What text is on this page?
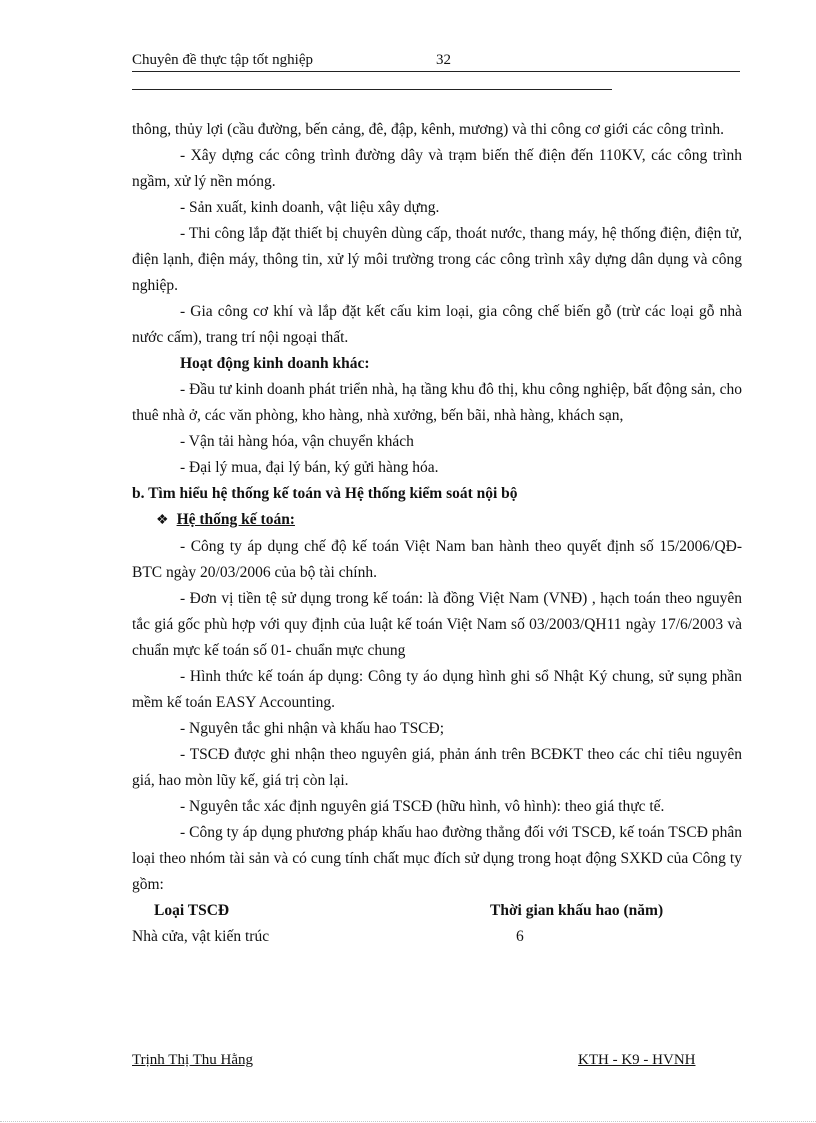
Chuyên đề thực tập tốt nghiệp	32

thông, thủy lợi (cầu đường, bến cảng, đê, đập, kênh, mương) và thi công cơ giới các công trình.

- Xây dựng các công trình đường dây và trạm biến thế điện đến 110KV, các công trình ngầm, xử lý nền móng.

- Sản xuất, kinh doanh, vật liệu xây dựng.

- Thi công lắp đặt thiết bị chuyên dùng cấp, thoát nước, thang máy, hệ thống điện, điện tử, điện lạnh, điện máy, thông tin, xử lý môi trường trong các công trình xây dựng dân dụng và công nghiệp.

- Gia công cơ khí và lắp đặt kết cấu kim loại, gia công chế biến gỗ (trừ các loại gỗ nhà nước cấm), trang trí nội ngoại thất.

Hoạt động kinh doanh khác:

- Đầu tư kinh doanh phát triển nhà, hạ tầng khu đô thị, khu công nghiệp, bất động sản, cho thuê nhà ở, các văn phòng, kho hàng, nhà xưởng, bến bãi, nhà hàng, khách sạn,

- Vận tải hàng hóa, vận chuyển khách

- Đại lý mua, đại lý bán, ký gửi hàng hóa.

b. Tìm hiểu hệ thống kế toán và Hệ thống kiểm soát nội bộ

❖ Hệ thống kế toán:

- Công ty áp dụng chế độ kế toán Việt Nam ban hành theo quyết định số 15/2006/QĐ-BTC ngày 20/03/2006 của bộ tài chính.

- Đơn vị tiền tệ sử dụng trong kế toán: là đồng Việt Nam (VNĐ) , hạch toán theo nguyên tắc giá gốc phù hợp với quy định của luật kế toán Việt Nam số 03/2003/QH11 ngày 17/6/2003 và chuẩn mực kế toán số 01- chuẩn mực chung

- Hình thức kế toán áp dụng: Công ty áo dụng hình ghi sổ Nhật Ký chung, sử sụng phần mềm kế toán EASY Accounting.

- Nguyên tắc ghi nhận và khấu hao TSCĐ;

- TSCĐ được ghi nhận theo nguyên giá, phản ánh trên BCĐKT theo các chỉ tiêu nguyên giá, hao mòn lũy kế, giá trị còn lại.

- Nguyên tắc xác định nguyên giá TSCĐ (hữu hình, vô hình): theo giá thực tế.

- Công ty áp dụng phương pháp khấu hao đường thẳng đối với TSCĐ, kế toán TSCĐ phân loại theo nhóm tài sản và có cung tính chất mục đích sử dụng trong hoạt động SXKD của Công ty gồm:

Loại TSCĐ	Thời gian khấu hao (năm)
Nhà cửa, vật kiến trúc	6
Trịnh Thị Thu Hằng	KTH - K9 - HVNH
